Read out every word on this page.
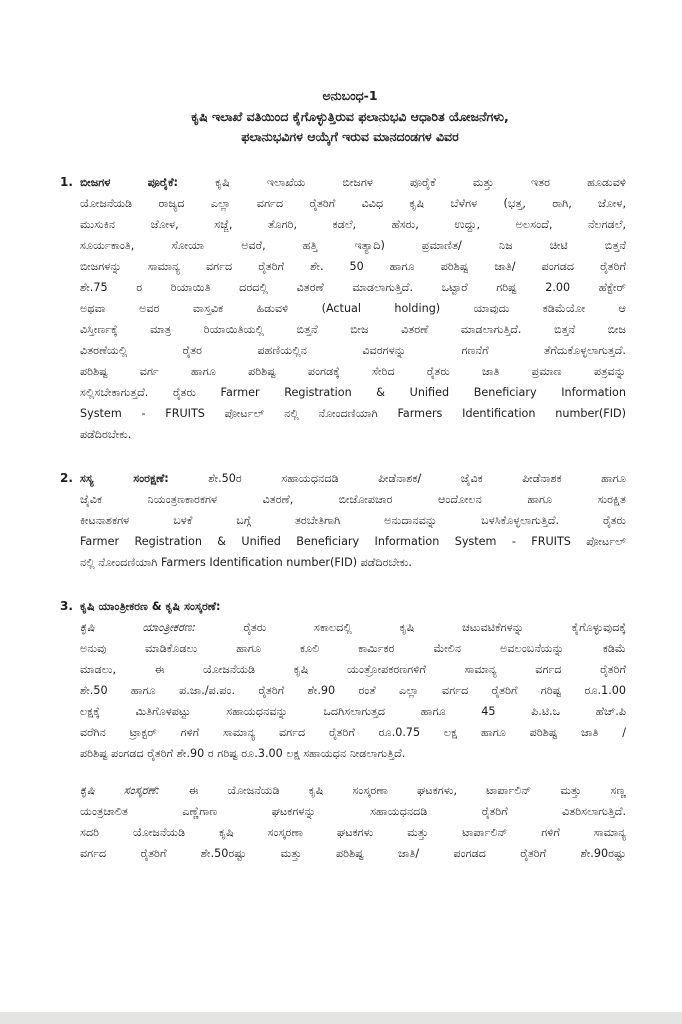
ಅನುಬಂಧ-1
ಕೃಷಿ ಇಲಾಖೆ ವತಿಯಿಂದ ಕೈಗೊಳ್ಳುತ್ತಿರುವ ಫಲಾನುಭವಿ ಆಧಾರಿತ ಯೋಜನೆಗಳು,
ಫಲಾನುಭವಿಗಳ ಆಯ್ಕೆಗೆ ಇರುವ ಮಾನದಂಡಗಳ ವಿವರ
1. ಬೀಜಗಳ ಪೂರೈಕೆ:	ಕೃಷಿ ಇಲಾಖೆಯ ಬೀಜಗಳ ಪೂರೈಕೆ ಮತ್ತು ಇತರ ಹೂಡುವಳಿ
ಯೋಜನೆಯಡಿ ರಾಜ್ಯದ ಎಲ್ಲಾ ವರ್ಗದ ರೈತರಿಗೆ ವಿವಿಧ ಕೃಷಿ ಬೆಳೆಗಳ (ಭತ್ತ, ರಾಗಿ, ಜೋಳ,
ಮುಸುಕಿನ ಜೋಳ, ಸಜ್ಜೆ, ತೊಗರಿ, ಕಡಲೆ, ಹೆಸರು, ಉದ್ದು, ಅಲಸಂದೆ, ನೆಲಗಡಲೆ,
ಸೂರ್ಯಕಾಂತಿ, ಸೋಯಾ ಅವರೆ, ಹತ್ತಿ ಇತ್ಯಾದಿ) ಪ್ರಮಾಣಿತ/ ನಿಜ ಚೀಟಿ ಬಿತ್ತನೆ
ಬೀಜಗಳನ್ನು ಸಾಮಾನ್ಯ ವರ್ಗದ ರೈತರಿಗೆ ಶೇ. 50 ಹಾಗೂ ಪರಿಶಿಷ್ಟ ಜಾತಿ/ ಪಂಗಡದ ರೈತರಿಗೆ
ಶೇ.75 ರ ರಿಯಾಯಿತಿ ದರದಲ್ಲಿ ವಿತರಣೆ ಮಾಡಲಾಗುತ್ತಿದೆ. ಒಟ್ಟಾರೆ ಗರಿಷ್ಟ 2.00 ಹೆಕ್ಟೇರ್
ಅಥವಾ ಅವರ ವಾಸ್ತವಿಕ ಹಿಡುವಳಿ (Actual holding) ಯಾವುದು ಕಡಿಮೆಯೋ ಆ
ವಿಸ್ತೀರ್ಣಕ್ಕೆ ಮಾತ್ರ ರಿಯಾಯಿತಿಯಲ್ಲಿ ಬಿತ್ತನೆ ಬೀಜ ವಿತರಣೆ ಮಾಡಲಾಗುತ್ತಿದೆ. ಬಿತ್ತನೆ ಬೀಜ
ವಿತರಣೆಯಲ್ಲಿ ರೈತರ ಪಹಣಿಯಲ್ಲಿನ ವಿವರಗಳನ್ನು ಗಣನೆಗೆ ತೆಗೆದುಕೊಳ್ಳಲಾಗುತ್ತದೆ.
ಪರಿಶಿಷ್ಟ ವರ್ಗ ಹಾಗೂ ಪರಿಶಿಷ್ಟ ಪಂಗಡಕ್ಕೆ ಸೇರಿದ ರೈತರು ಜಾತಿ ಪ್ರಮಾಣ ಪತ್ರವನ್ನು
ಸಲ್ಲಿಸಬೇಕಾಗುತ್ತದೆ. ರೈತರು Farmer Registration & Unified Beneficiary Information
System - FRUITS ಪೋರ್ಟಲ್ ನಲ್ಲಿ ನೋಂದಣಿಯಾಗಿ Farmers Identification number(FID)
ಪಡೆದಿರಬೇಕು.
2. ಸಸ್ಯ ಸಂರಕ್ಷಣೆ:	ಶೇ.50ರ ಸಹಾಯಧನದಡಿ ಪೀಡೆನಾಶಕ/ ಜೈವಿಕ ಪೀಡೆನಾಶಕ ಹಾಗೂ
ಜೈವಿಕ ನಿಯಂತ್ರಣಕಾರಕಗಳ ವಿತರಣೆ, ಬೀಜೋಪಚಾರ ಆಂದೋಲನ ಹಾಗೂ ಸುರಕ್ಷಿತ
ಕೀಟನಾಶಕಗಳ ಬಳಕೆ ಬಗ್ಗೆ ತರಬೇತಿಗಾಗಿ ಅನುದಾನವನ್ನು ಬಳಸಿಕೊಳ್ಳಲಾಗುತ್ತಿದೆ. ರೈತರು
Farmer Registration & Unified Beneficiary Information System - FRUITS ಪೋರ್ಟಲ್
ನಲ್ಲಿ ನೋಂದಣಿಯಾಗಿ Farmers Identification number(FID) ಪಡೆದಿರಬೇಕು.
3. ಕೃಷಿ ಯಾಂತ್ರೀಕರಣ & ಕೃಷಿ ಸಂಸ್ಕರಣೆ:
ಕೃಷಿ ಯಾಂತ್ರೀಕರಣ:	ರೈತರು ಸಕಾಲದಲ್ಲಿ ಕೃಷಿ ಚಟುವಟಿಕೆಗಳನ್ನು ಕೈಗೊಳ್ಳುವುದಕ್ಕೆ
ಅನುವು ಮಾಡಿಕೊಡಲು ಹಾಗೂ ಕೂಲಿ ಕಾರ್ಮಿಕರ ಮೇಲಿನ ಅವಲಂಬನೆಯನ್ನು ಕಡಿಮೆ
ಮಾಡಲು, ಈ ಯೋಜನೆಯಡಿ ಕೃಷಿ ಯಂತ್ರೋಪಕರಣಗಳಿಗೆ ಸಾಮಾನ್ಯ ವರ್ಗದ ರೈತರಿಗೆ
ಶೇ.50 ಹಾಗೂ ಪ.ಜಾ./ಪ.ಪಂ. ರೈತರಿಗೆ ಶೇ.90 ರಂತೆ ಎಲ್ಲಾ ವರ್ಗದ ರೈತರಿಗೆ ಗರಿಷ್ಟ ರೂ.1.00
ಲಕ್ಷಕ್ಕೆ ಮಿತಿಗೊಳಪಟ್ಟು ಸಹಾಯಧನವನ್ನು ಒದಗಿಸಲಾಗುತ್ತದ ಹಾಗೂ 45 ಪಿ.ಟಿ.ಒ ಹೆಚ್.ಪಿ
ವರೆಗಿನ ಟ್ರಾಕ್ಟರ್ ಗಳಿಗೆ ಸಾಮಾನ್ಯ ವರ್ಗದ ರೈತರಿಗೆ ರೂ.0.75 ಲಕ್ಷ ಹಾಗೂ ಪರಿಶಿಷ್ಟ ಜಾತಿ /
ಪರಿಶಿಷ್ಟ ಪಂಗಡದ ರೈತರಿಗೆ ಶೇ.90 ರ ಗರಿಷ್ಟ ರೂ.3.00 ಲಕ್ಷ ಸಹಾಯಧನ ನೀಡಲಾಗುತ್ತಿದೆ.
ಕೃಷಿ ಸಂಸ್ಕರಣೆ:	ಈ ಯೋಜನೆಯಡಿ ಕೃಷಿ ಸಂಸ್ಕರಣಾ ಘಟಕಗಳು, ಟಾರ್ಪಾಲಿನ್ ಮತ್ತು ಸಣ್ಣ
ಯಂತ್ರಚಾಲಿತ ಎಣ್ಣೆಗಾಣ ಘಟಕಗಳನ್ನು ಸಹಾಯಧನದಡಿ ರೈತರಿಗೆ ವಿತರಿಸಲಾಗುತ್ತಿದೆ.
ಸದರಿ ಯೋಜನೆಯಡಿ ಕೃಷಿ ಸಂಸ್ಕರಣಾ ಘಟಕಗಳು ಮತ್ತು ಟಾರ್ಪಾಲಿನ್ ಗಳಿಗೆ ಸಾಮಾನ್ಯ
ವರ್ಗದ ರೈತರಿಗೆ ಶೇ.50ರಷ್ಟು ಮತ್ತು ಪರಿಶಿಷ್ಟ ಜಾತಿ/ ಪಂಗಡದ ರೈತರಿಗೆ ಶೇ.90ರಷ್ಟು
